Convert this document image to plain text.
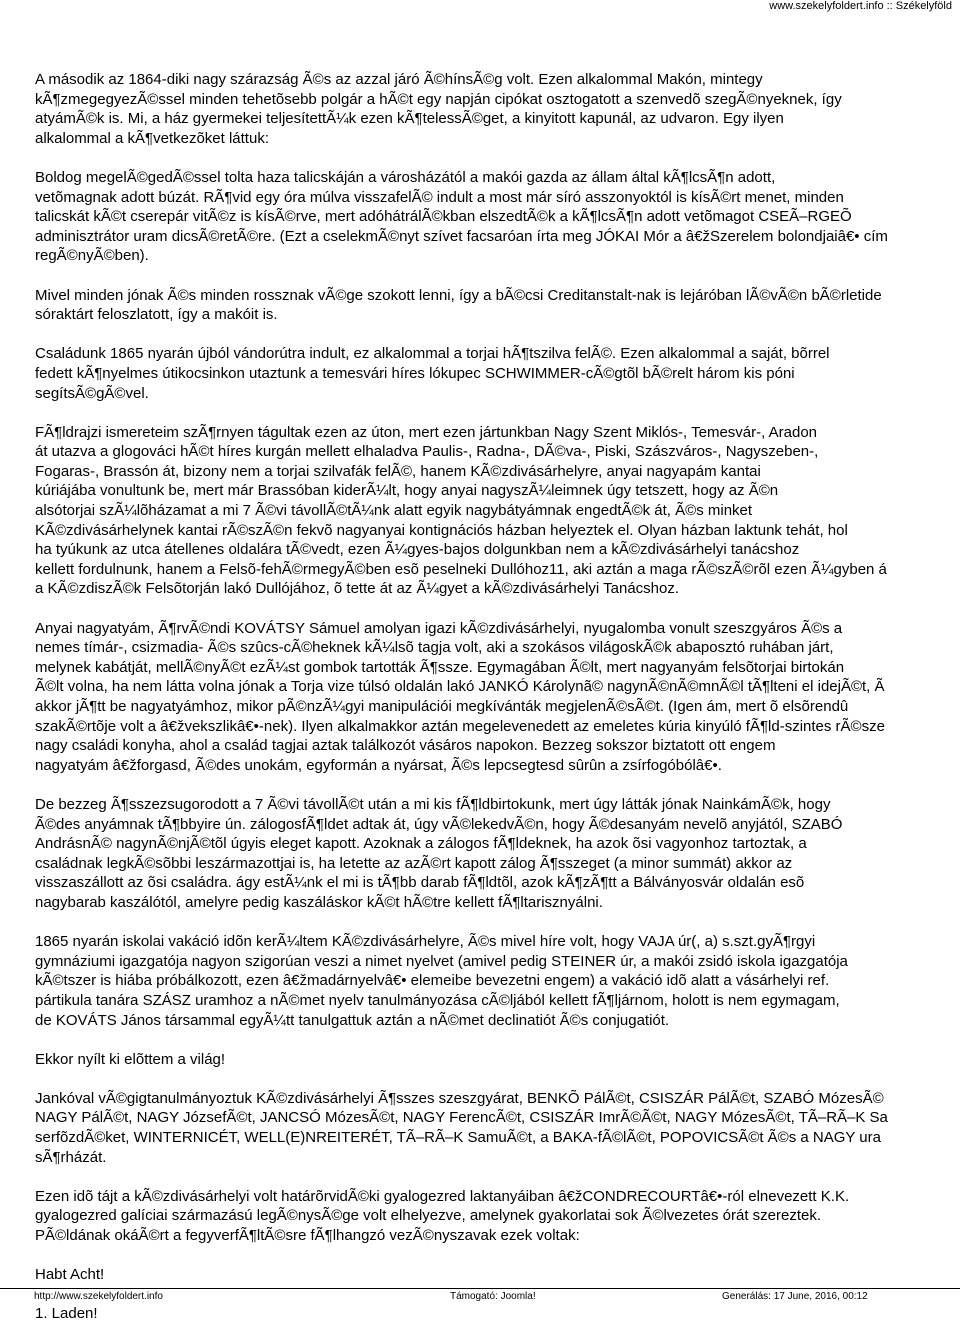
www.szekelyfoldert.info :: Székelyföld

A második az 1864-diki nagy szárazság Ã©s az azzal járó Ã©hínsÃ©g volt. Ezen alkalommal Makón, mintegy
kÃ¶zmegegyezÃ©ssel minden tehetõsebb polgár a hÃ©t egy napján cipókat osztogatott a szenvedõ szegÃ©nyeknek, így
atyámÃ©k is. Mi, a ház gyermekei teljesítettÃ¼k ezen kÃ¶telessÃ©get, a kinyitott kapunál, az udvaron. Egy ilyen
alkalommal a kÃ¶vetkezõket láttuk:

Boldog megelÃ©gedÃ©ssel tolta haza talicskáján a városházától a makói gazda az állam által kÃ¶lcsÃ¶n adott,
vetõmagnak adott búzát. RÃ¶vid egy óra múlva visszafelÃ© indult a most már síró asszonyoktól is kísÃ©rt menet, minden
talicskát kÃ©t cserepár vitÃ©z is kísÃ©rve, mert adóhátrálÃ©kban elszedtÃ©k a kÃ¶lcsÃ¶n adott vetõmagot CSEÃ–RGEÕ
adminisztrátor uram dicsÃ©retÃ©re. (Ezt a cselekmÃ©nyt szívet facsaróan írta meg JÓKAI Mór a â€žSzerelem bolondjaiâ€• cím
regÃ©nyÃ©ben).

Mivel minden jónak Ã©s minden rossznak vÃ©ge szokott lenni, így a bÃ©csi Creditanstalt-nak is lejáróban lÃ©vÃ©n bÃ©rletide
sóraktárt feloszlatott, így a makóit is.

Családunk 1865 nyarán újból vándorútra indult, ez alkalommal a torjai hÃ¶tszilva felÃ©. Ezen alkalommal a saját, bõrrel
fedett kÃ¶nyelmes útikocsinkon utaztunk a temesvári híres lókupec SCHWIMMER-cÃ©gtõl bÃ©relt három kis póni
segítsÃ©gÃ©vel.

FÃ¶ldrajzi ismereteim szÃ¶rnyen tágultak ezen az úton, mert ezen jártunkban Nagy Szent Miklós-, Temesvár-, Aradon
át utazva a glogováci hÃ©t híres kurgán mellett elhaladva Paulis-, Radna-, DÃ©va-, Piski, Szászváros-, Nagyszeben-,
Fogaras-, Brassón át, bizony nem a torjai szilvafák felÃ©, hanem KÃ©zdivásárhelyre, anyai nagyapám kantai
kúriájába vonultunk be, mert már Brassóban kiderÃ¼lt, hogy anyai nagyszÃ¼leimnek úgy tetszett, hogy az Ã©n
alsótorjai szÃ¼lõházamat a mi 7 Ã©vi távollÃ©tÃ¼nk alatt egyik nagybátyámnak engedtÃ©k át, Ã©s minket
KÃ©zdivásárhelynek kantai rÃ©szÃ©n fekvõ nagyanyai kontignációs házban helyeztek el. Olyan házban laktunk tehát, hol
ha tyúkunk az utca átellenes oldalára tÃ©vedt, ezen Ã¼gyes-bajos dolgunkban nem a kÃ©zdivásárhelyi tanácshoz
kellett fordulnunk, hanem a Felsõ-fehÃ©rmegyÃ©ben esõ peselneki Dullóhoz11, aki aztán a maga rÃ©szÃ©rõl ezen Ã¼gyben á
a KÃ©zdiszÃ©k Felsõtorján lakó Dullójához, õ tette át az Ã¼gyet a kÃ©zdivásárhelyi Tanácshoz.

Anyai nagyatyám, Ã¶rvÃ©ndi KOVÁTSY Sámuel amolyan igazi kÃ©zdivásárhelyi, nyugalomba vonult szeszgyáros Ã©s a
nemes tímár-, csizmadia- Ã©s szûcs-cÃ©heknek kÃ¼lsõ tagja volt, aki a szokásos világoskÃ©k abaposztó ruhában járt,
melynek kabátját, mellÃ©nyÃ©t ezÃ¼st gombok tartották Ã¶ssze. Egymagában Ã©lt, mert nagyanyám felsõtorjai birtokán
Ã©lt volna, ha nem látta volna jónak a Torja vize túlsó oldalán lakó JANKÓ Károlynã© nagynÃ©nÃ©mnÃ©l tÃ¶lteni el idejÃ©t, Ã
akkor jÃ¶tt be nagyatyámhoz, mikor pÃ©nzÃ¼gyi manipulációi megkívánták megjelenÃ©sÃ©t. (Igen ám, mert õ elsõrendû
szakÃ©rtõje volt a â€žvekszlikâ€•-nek). Ilyen alkalmakkor aztán megelevenedett az emeletes kúria kinyúló fÃ¶ld-szintes rÃ©sze
nagy családi konyha, ahol a család tagjai aztak találkozót vásáros napokon. Bezzeg sokszor biztatott ott engem
nagyatyám â€žforgasd, Ã©des unokám, egyformán a nyársat, Ã©s lepcsegtesd sûrûn a zsírfogóbólâ€•.

De bezzeg Ã¶sszezsugorodott a 7 Ã©vi távollÃ©t után a mi kis fÃ¶ldbirtokunk, mert úgy látták jónak NainkámÃ©k, hogy
Ã©des anyámnak tÃ¶bbyire ún. zálogosfÃ¶ldet adtak át, úgy vÃ©lekedvÃ©n, hogy Ã©desanyám nevelõ anyjától, SZABÓ
AndrásnÃ© nagynÃ©njÃ©tõl úgyis eleget kapott. Azoknak a zálogos fÃ¶ldeknek, ha azok õsi vagyonhoz tartoztak, a
családnak legkÃ©sõbbi leszármazottjai is, ha letette az azÃ©rt kapott zálog Ã¶sszeget (a minor summát) akkor az
visszaszállott az õsi családra. ágy estÃ¼nk el mi is tÃ¶bb darab fÃ¶ldtõl, azok kÃ¶zÃ¶tt a Bálványosvár oldalán esõ
nagybarab kaszálótól, amelyre pedig kaszáláskor kÃ©t hÃ©tre kellett fÃ¶ltarisznyálni.

1865 nyarán iskolai vakáció idõn kerÃ¼ltem KÃ©zdivásárhelyre, Ã©s mivel híre volt, hogy VAJA úr(, a) s.szt.gyÃ¶rgyi
gymnáziumi igazgatója nagyon szigorúan veszi a nimet nyelvet (amivel pedig STEINER úr, a makói zsidó iskola igazgatója
kÃ©tszer is hiába próbálkozott, ezen â€žmadárnyelvâ€• elemeibe bevezetni engem) a vakáció idõ alatt a vásárhelyi ref.
pártikula tanára SZÁSZ uramhoz a nÃ©met nyelv tanulmányozása cÃ©ljából kellett fÃ¶ljárnom, holott is nem egymagam,
de KOVÁTS János társammal egyÃ¼tt tanulgattuk aztán a nÃ©met declinatiót Ã©s conjugatiót.

Ekkor nyílt ki elõttem a világ!

Jankóval vÃ©gigtanulmányoztuk KÃ©zdivásárhelyi Ã¶sszes szeszgyárat, BENKÕ PálÃ©t, CSISZÁR PálÃ©t, SZABÓ MózesÃ©
NAGY PálÃ©t, NAGY JózsefÃ©t, JANCSÓ MózesÃ©t, NAGY FerencÃ©t, CSISZÁR ImrÃ©Ã©t, NAGY MózesÃ©t, TÃ–RÃ–K Sa
serfõzdÃ©ket, WINTERNICÉT, WELL(E)NREITERÉT, TÃ–RÃ–K SamuÃ©t, a BAKA-fÃ©lÃ©t, POPOVICSÃ©t Ã©s a NAGY ura
sÃ¶rházát.

Ezen idõ tájt a kÃ©zdivásárhelyi volt határõrvidÃ©ki gyalogezred laktanyáiban â€žCONDRECOURTâ€•-ról elnevezett K.K.
gyalogezred galíciai származású legÃ©nysÃ©ge volt elhelyezve, amelynek gyakorlatai sok Ã©lvezetes órát szereztek.
PÃ©ldának okáÃ©rt a fegyverfÃ¶ltÃ©sre fÃ¶lhangzó vezÃ©nyszavak ezek voltak:

Habt Acht!

1. Laden!

http://www.szekelyfoldert.info	Támogató: Joomla!	Generálás: 17 June, 2016, 00:12
